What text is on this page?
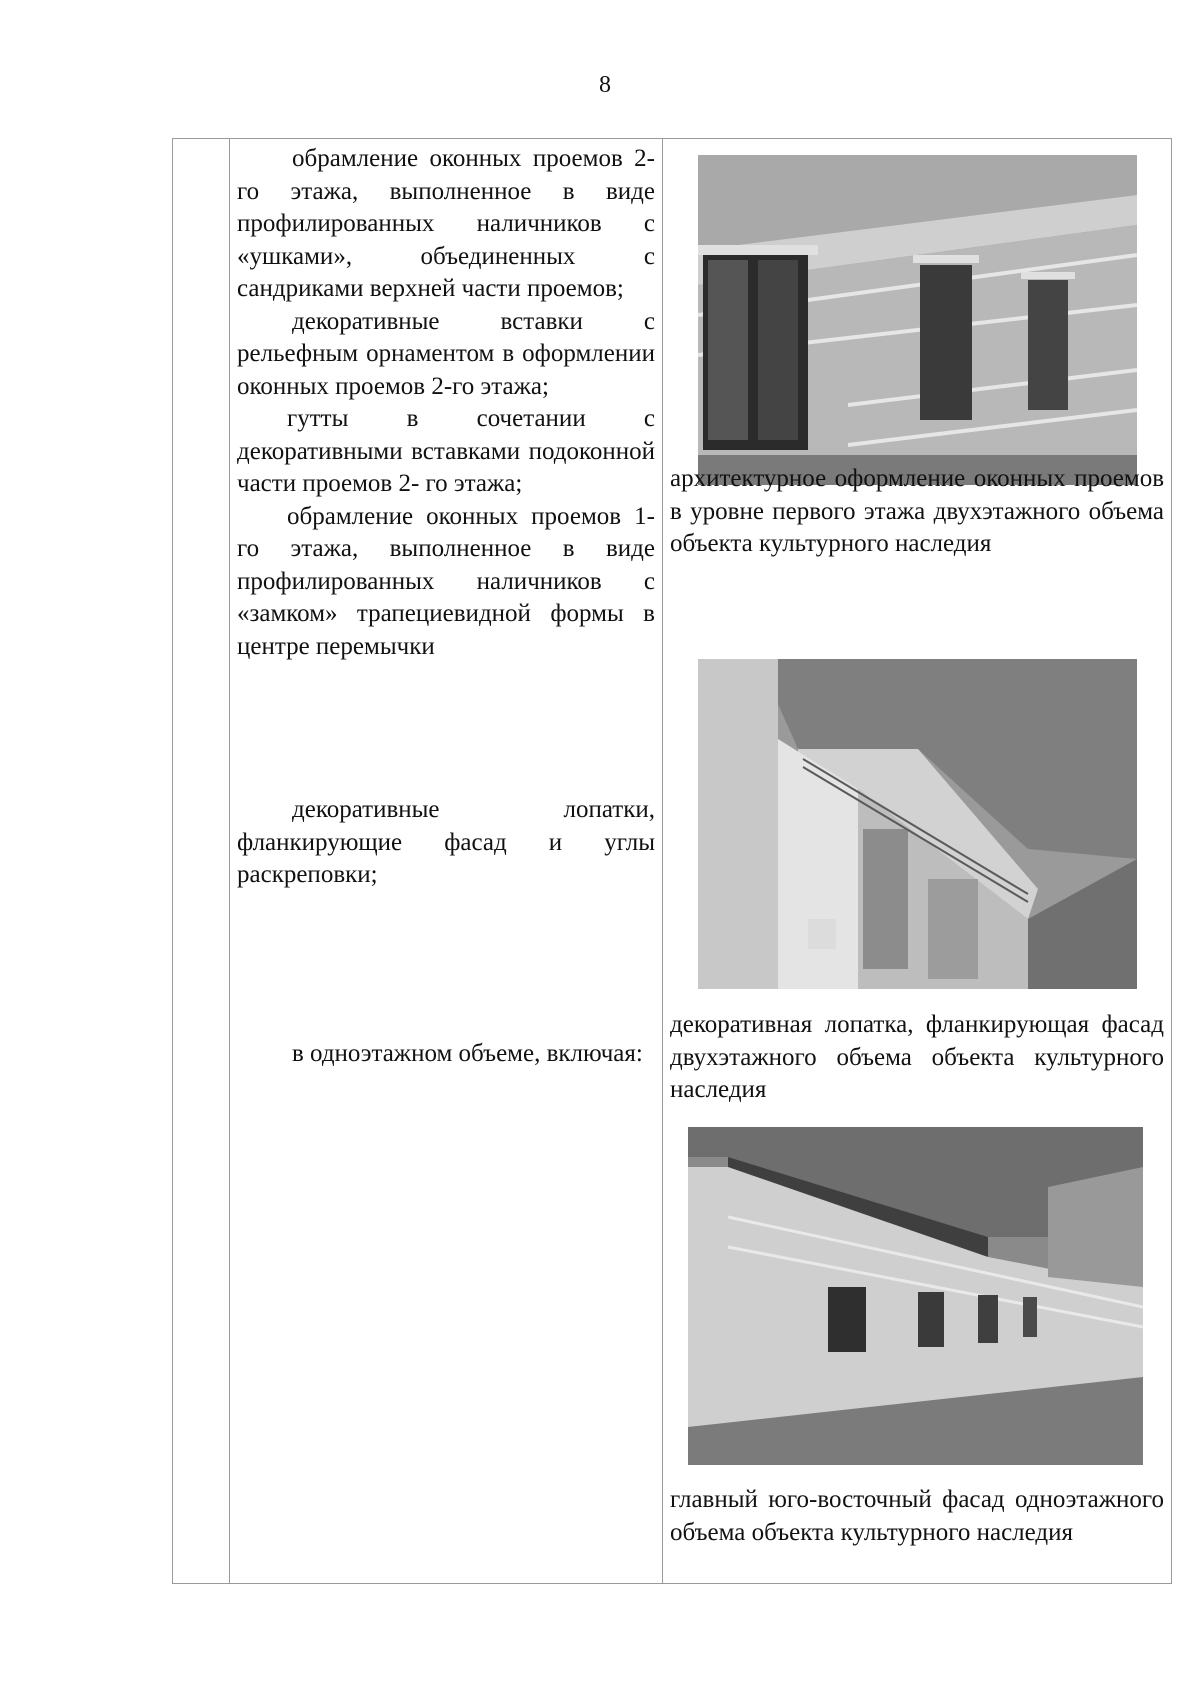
8

обрамление оконных проемов 2-го этажа, выполненное в виде профилированных наличников с «ушками», объединенных с сандриками верхней части проемов;

декоративные вставки с рельефным орнаментом в оформлении оконных проемов 2-го этажа;

гутты в сочетании с декоративными вставками подоконной части проемов 2- го этажа;

обрамление оконных проемов 1-го этажа, выполненное в виде профилированных наличников с «замком» трапециевидной формы в центре перемычки

декоративные лопатки, фланкирующие фасад и углы раскреповки;

в одноэтажном объеме, включая:

архитектурное оформление оконных проемов в уровне первого этажа двухэтажного объема объекта культурного наследия

декоративная лопатка, фланкирующая фасад двухэтажного объема объекта культурного наследия

главный юго-восточный фасад одноэтажного объема объекта культурного наследия
